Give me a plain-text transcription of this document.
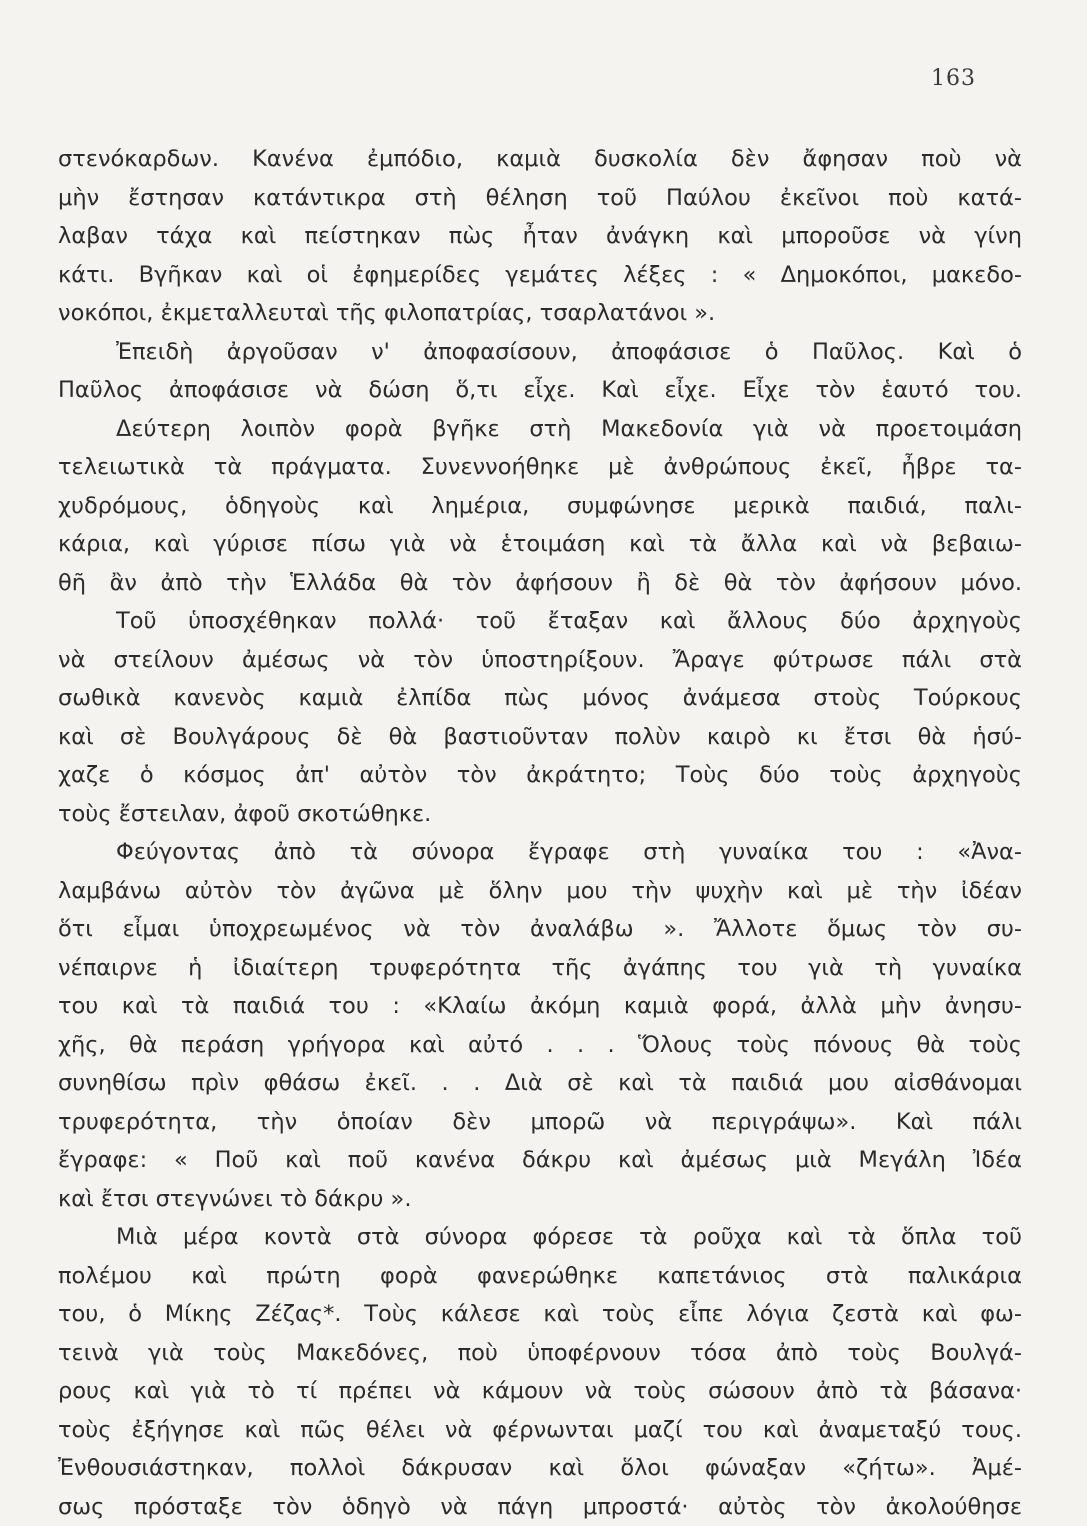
163
στενόκαρδων. Κανένα ἐμπόδιο, καμιὰ δυσκολία δὲν ἄφησαν ποὺ νὰ
μὴν ἔστησαν κατάντικρα στὴ θέληση τοῦ Παύλου ἐκεῖνοι ποὺ κατά-
λαβαν τάχα καὶ πείστηκαν πὼς ἦταν ἀνάγκη καὶ μποροῦσε νὰ γίνη
κάτι. Βγῆκαν καὶ οἱ ἐφημερίδες γεμάτες λέξες : « Δημοκόποι, μακεδο-
νοκόποι, ἐκμεταλλευταὶ τῆς φιλοπατρίας, τσαρλατάνοι ».
Ἐπειδὴ ἀργοῦσαν ν' ἀποφασίσουν, ἀποφάσισε ὁ Παῦλος. Καὶ ὁ
Παῦλος ἀποφάσισε νὰ δώση ὅ,τι εἶχε. Καὶ εἶχε. Εἶχε τὸν ἑαυτό του.
Δεύτερη λοιπὸν φορὰ βγῆκε στὴ Μακεδονία γιὰ νὰ προετοιμάση
τελειωτικὰ τὰ πράγματα. Συνεννοήθηκε μὲ ἀνθρώπους ἐκεῖ, ἦβρε τα-
χυδρόμους, ὁδηγοὺς καὶ λημέρια, συμφώνησε μερικὰ παιδιά, παλι-
κάρια, καὶ γύρισε πίσω γιὰ νὰ ἑτοιμάση καὶ τὰ ἄλλα καὶ νὰ βεβαιω-
θῆ ἂν ἀπὸ τὴν Ἑλλάδα θὰ τὸν ἀφήσουν ἢ δὲ θὰ τὸν ἀφήσουν μόνο.
Τοῦ ὑποσχέθηκαν πολλά· τοῦ ἔταξαν καὶ ἄλλους δύο ἀρχηγοὺς
νὰ στείλουν ἀμέσως νὰ τὸν ὑποστηρίξουν. Ἄραγε φύτρωσε πάλι στὰ
σωθικὰ κανενὸς καμιὰ ἐλπίδα πὼς μόνος ἀνάμεσα στοὺς Τούρκους
καὶ σὲ Βουλγάρους δὲ θὰ βαστιοῦνταν πολὺν καιρὸ κι ἔτσι θὰ ἡσύ-
χαζε ὁ κόσμος ἀπ' αὐτὸν τὸν ἀκράτητο; Τοὺς δύο τοὺς ἀρχηγοὺς
τοὺς ἔστειλαν, ἀφοῦ σκοτώθηκε.
Φεύγοντας ἀπὸ τὰ σύνορα ἔγραφε στὴ γυναίκα του : «Ἀνα-
λαμβάνω αὐτὸν τὸν ἀγῶνα μὲ ὅλην μου τὴν ψυχὴν καὶ μὲ τὴν ἰδέαν
ὅτι εἶμαι ὑποχρεωμένος νὰ τὸν ἀναλάβω ». Ἄλλοτε ὅμως τὸν συ-
νέπαιρνε ἡ ἰδιαίτερη τρυφερότητα τῆς ἀγάπης του γιὰ τὴ γυναίκα
του καὶ τὰ παιδιά του : «Κλαίω ἀκόμη καμιὰ φορά, ἀλλὰ μὴν ἀνησυ-
χῆς, θὰ περάση γρήγορα καὶ αὐτό . . . Ὅλους τοὺς πόνους θὰ τοὺς
συνηθίσω πρὶν φθάσω ἐκεῖ. . . Διὰ σὲ καὶ τὰ παιδιά μου αἰσθάνομαι
τρυφερότητα, τὴν ὁποίαν δὲν μπορῶ νὰ περιγράψω». Καὶ πάλι
ἔγραφε: « Ποῦ καὶ ποῦ κανένα δάκρυ καὶ ἀμέσως μιὰ Μεγάλη Ἰδέα
καὶ ἔτσι στεγνώνει τὸ δάκρυ ».
Μιὰ μέρα κοντὰ στὰ σύνορα φόρεσε τὰ ροῦχα καὶ τὰ ὅπλα τοῦ
πολέμου καὶ πρώτη φορὰ φανερώθηκε καπετάνιος στὰ παλικάρια
του, ὁ Μίκης Ζέζας*. Τοὺς κάλεσε καὶ τοὺς εἶπε λόγια ζεστὰ καὶ φω-
τεινὰ γιὰ τοὺς Μακεδόνες, ποὺ ὑποφέρνουν τόσα ἀπὸ τοὺς Βουλγά-
ρους καὶ γιὰ τὸ τί πρέπει νὰ κάμουν νὰ τοὺς σώσουν ἀπὸ τὰ βάσανα·
τοὺς ἐξήγησε καὶ πῶς θέλει νὰ φέρνωνται μαζί του καὶ ἀναμεταξύ τους.
Ἐνθουσιάστηκαν, πολλοὶ δάκρυσαν καὶ ὅλοι φώναξαν «ζήτω». Ἀμέ-
σως πρόσταξε τὸν ὁδηγὸ νὰ πάγη μπροστά· αὐτὸς τὸν ἀκολούθησε
